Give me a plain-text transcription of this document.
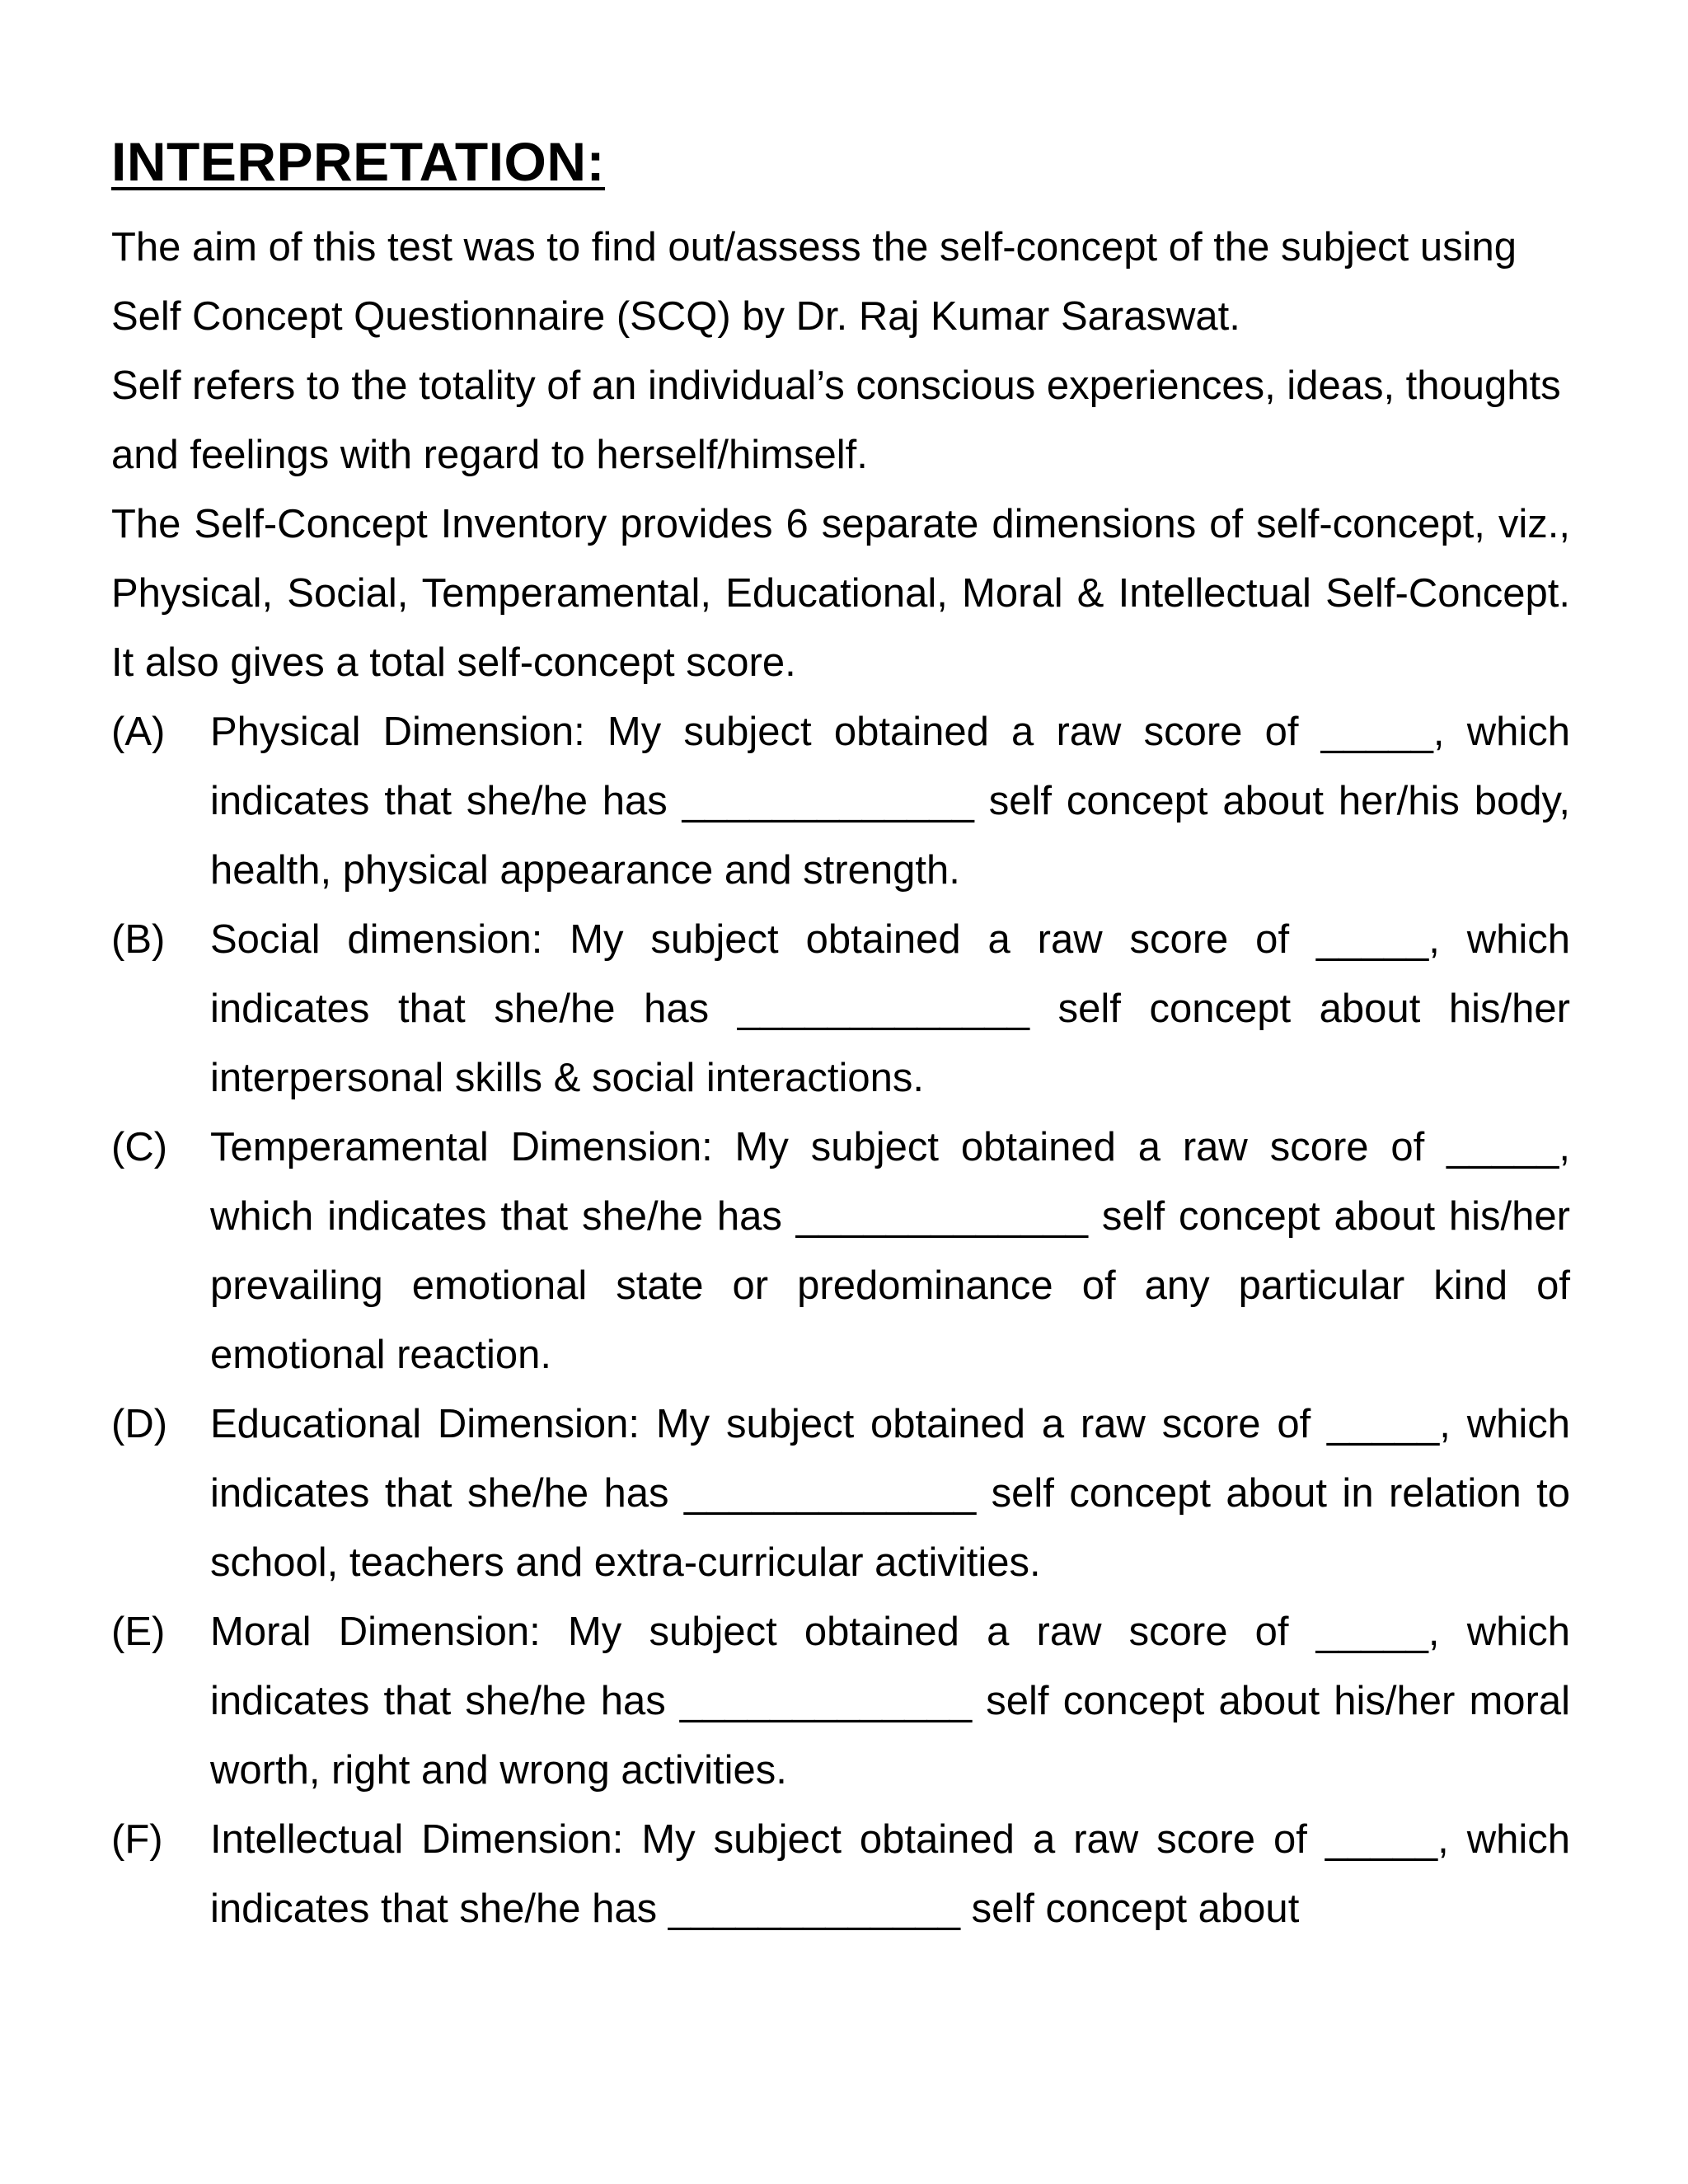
INTERPRETATION:
The aim of this test was to find out/assess the self-concept of the subject using Self Concept Questionnaire (SCQ) by Dr. Raj Kumar Saraswat.
Self refers to the totality of an individual’s conscious experiences, ideas, thoughts and feelings with regard to herself/himself.
The Self-Concept Inventory provides 6 separate dimensions of self-concept, viz., Physical, Social, Temperamental, Educational, Moral & Intellectual Self-Concept. It also gives a total self-concept score.
(A) Physical Dimension: My subject obtained a raw score of _____, which indicates that she/he has _____________ self concept about her/his body, health, physical appearance and strength.
(B) Social dimension: My subject obtained a raw score of _____, which indicates that she/he has _____________ self concept about his/her interpersonal skills & social interactions.
(C) Temperamental Dimension: My subject obtained a raw score of _____, which indicates that she/he has _____________ self concept about his/her prevailing emotional state or predominance of any particular kind of emotional reaction.
(D) Educational Dimension: My subject obtained a raw score of _____, which indicates that she/he has _____________ self concept about in relation to school, teachers and extra-curricular activities.
(E) Moral Dimension: My subject obtained a raw score of _____, which indicates that she/he has _____________ self concept about his/her moral worth, right and wrong activities.
(F) Intellectual Dimension: My subject obtained a raw score of _____, which indicates that she/he has _____________ self concept about
